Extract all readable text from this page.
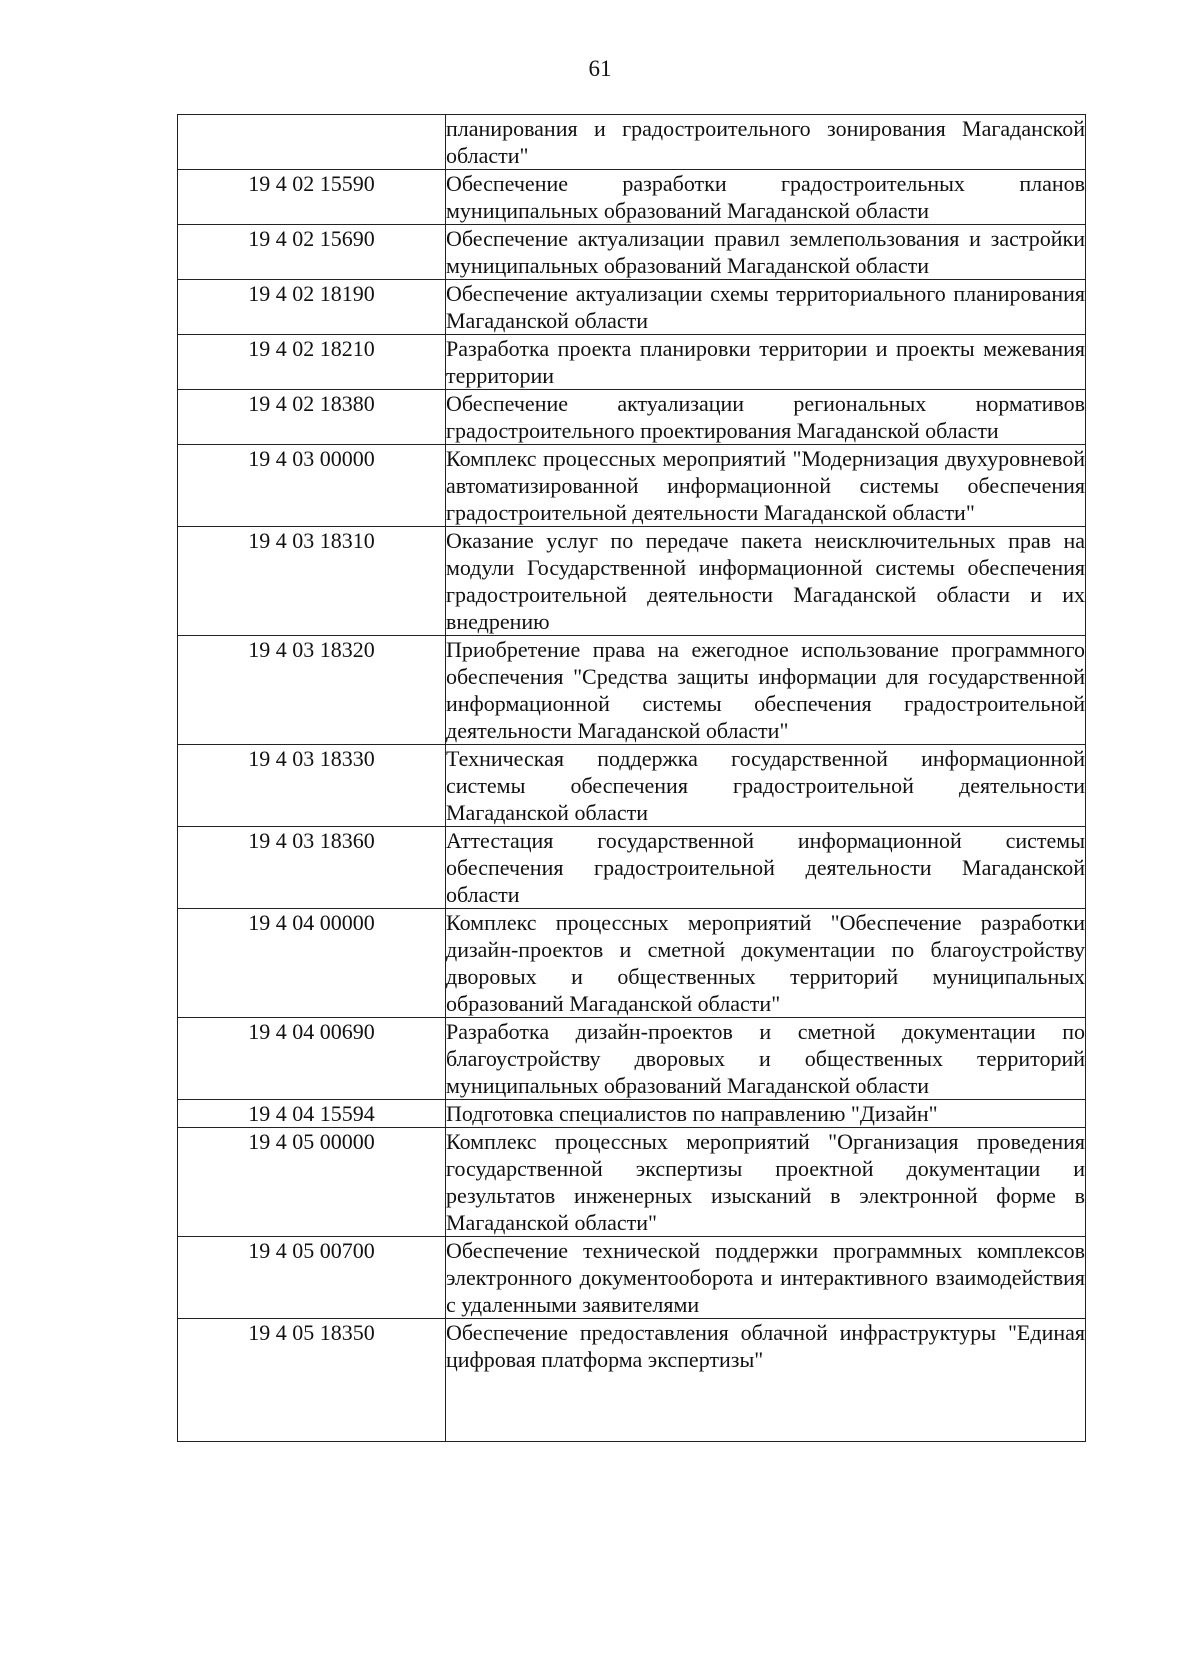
61
	планирования и градостроительного зонирования Магаданской области"
19 4 02 15590	Обеспечение разработки градостроительных планов муниципальных образований Магаданской области
19 4 02 15690	Обеспечение актуализации правил землепользования и застройки муниципальных образований Магаданской области
19 4 02 18190	Обеспечение актуализации схемы территориального планирования Магаданской области
19 4 02 18210	Разработка проекта планировки территории и проекты межевания территории
19 4 02 18380	Обеспечение актуализации региональных нормативов градостроительного проектирования Магаданской области
19 4 03 00000	Комплекс процессных мероприятий "Модернизация двухуровневой автоматизированной информационной системы обеспечения градостроительной деятельности Магаданской области"
19 4 03 18310	Оказание услуг по передаче пакета неисключительных прав на модули Государственной информационной системы обеспечения градостроительной деятельности Магаданской области и их внедрению
19 4 03 18320	Приобретение права на ежегодное использование программного обеспечения "Средства защиты информации для государственной информационной системы обеспечения градостроительной деятельности Магаданской области"
19 4 03 18330	Техническая поддержка государственной информационной системы обеспечения градостроительной деятельности Магаданской области
19 4 03 18360	Аттестация государственной информационной системы обеспечения градостроительной деятельности Магаданской области
19 4 04 00000	Комплекс процессных мероприятий "Обеспечение разработки дизайн-проектов и сметной документации по благоустройству дворовых и общественных территорий муниципальных образований Магаданской области"
19 4 04 00690	Разработка дизайн-проектов и сметной документации по благоустройству дворовых и общественных территорий муниципальных образований Магаданской области
19 4 04 15594	Подготовка специалистов по направлению "Дизайн"
19 4 05 00000	Комплекс процессных мероприятий "Организация проведения государственной экспертизы проектной документации и результатов инженерных изысканий в электронной форме в Магаданской области"
19 4 05 00700	Обеспечение технической поддержки программных комплексов электронного документооборота и интерактивного взаимодействия с удаленными заявителями
19 4 05 18350	Обеспечение предоставления облачной инфраструктуры "Единая цифровая платформа экспертизы"
